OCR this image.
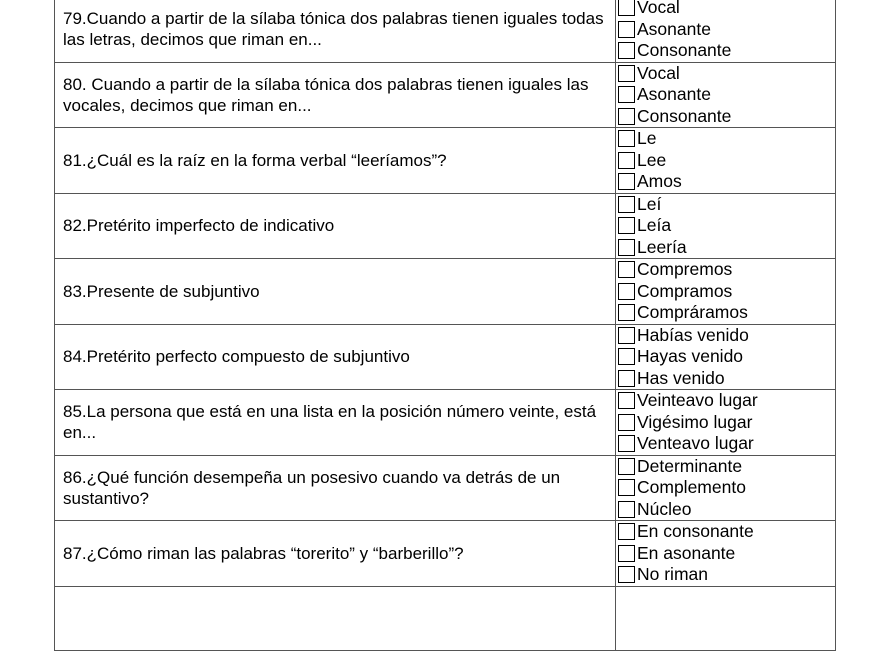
79.Cuando a partir de la sílaba tónica dos palabras tienen iguales todas las letras, decimos que riman en...	Vocal
Asonante
Consonante

80. Cuando a partir de la sílaba tónica dos palabras tienen iguales las vocales, decimos que riman en...	Vocal
Asonante
Consonante

81.¿Cuál es la raíz en la forma verbal “leeríamos”?	Le
Lee
Amos

82.Pretérito imperfecto de indicativo	Leí
Leía
Leería

83.Presente de subjuntivo	Compremos
Compramos
Compráramos

84.Pretérito perfecto compuesto de subjuntivo	Habías venido
Hayas venido
Has venido

85.La persona que está en una lista en la posición número veinte, está en...	Veinteavo lugar
Vigésimo lugar
Venteavo lugar

86.¿Qué función desempeña un posesivo cuando va detrás de un sustantivo?	Determinante
Complemento
Núcleo

87.¿Cómo riman las palabras “torerito” y “barberillo”?	En consonante
En asonante
No riman
